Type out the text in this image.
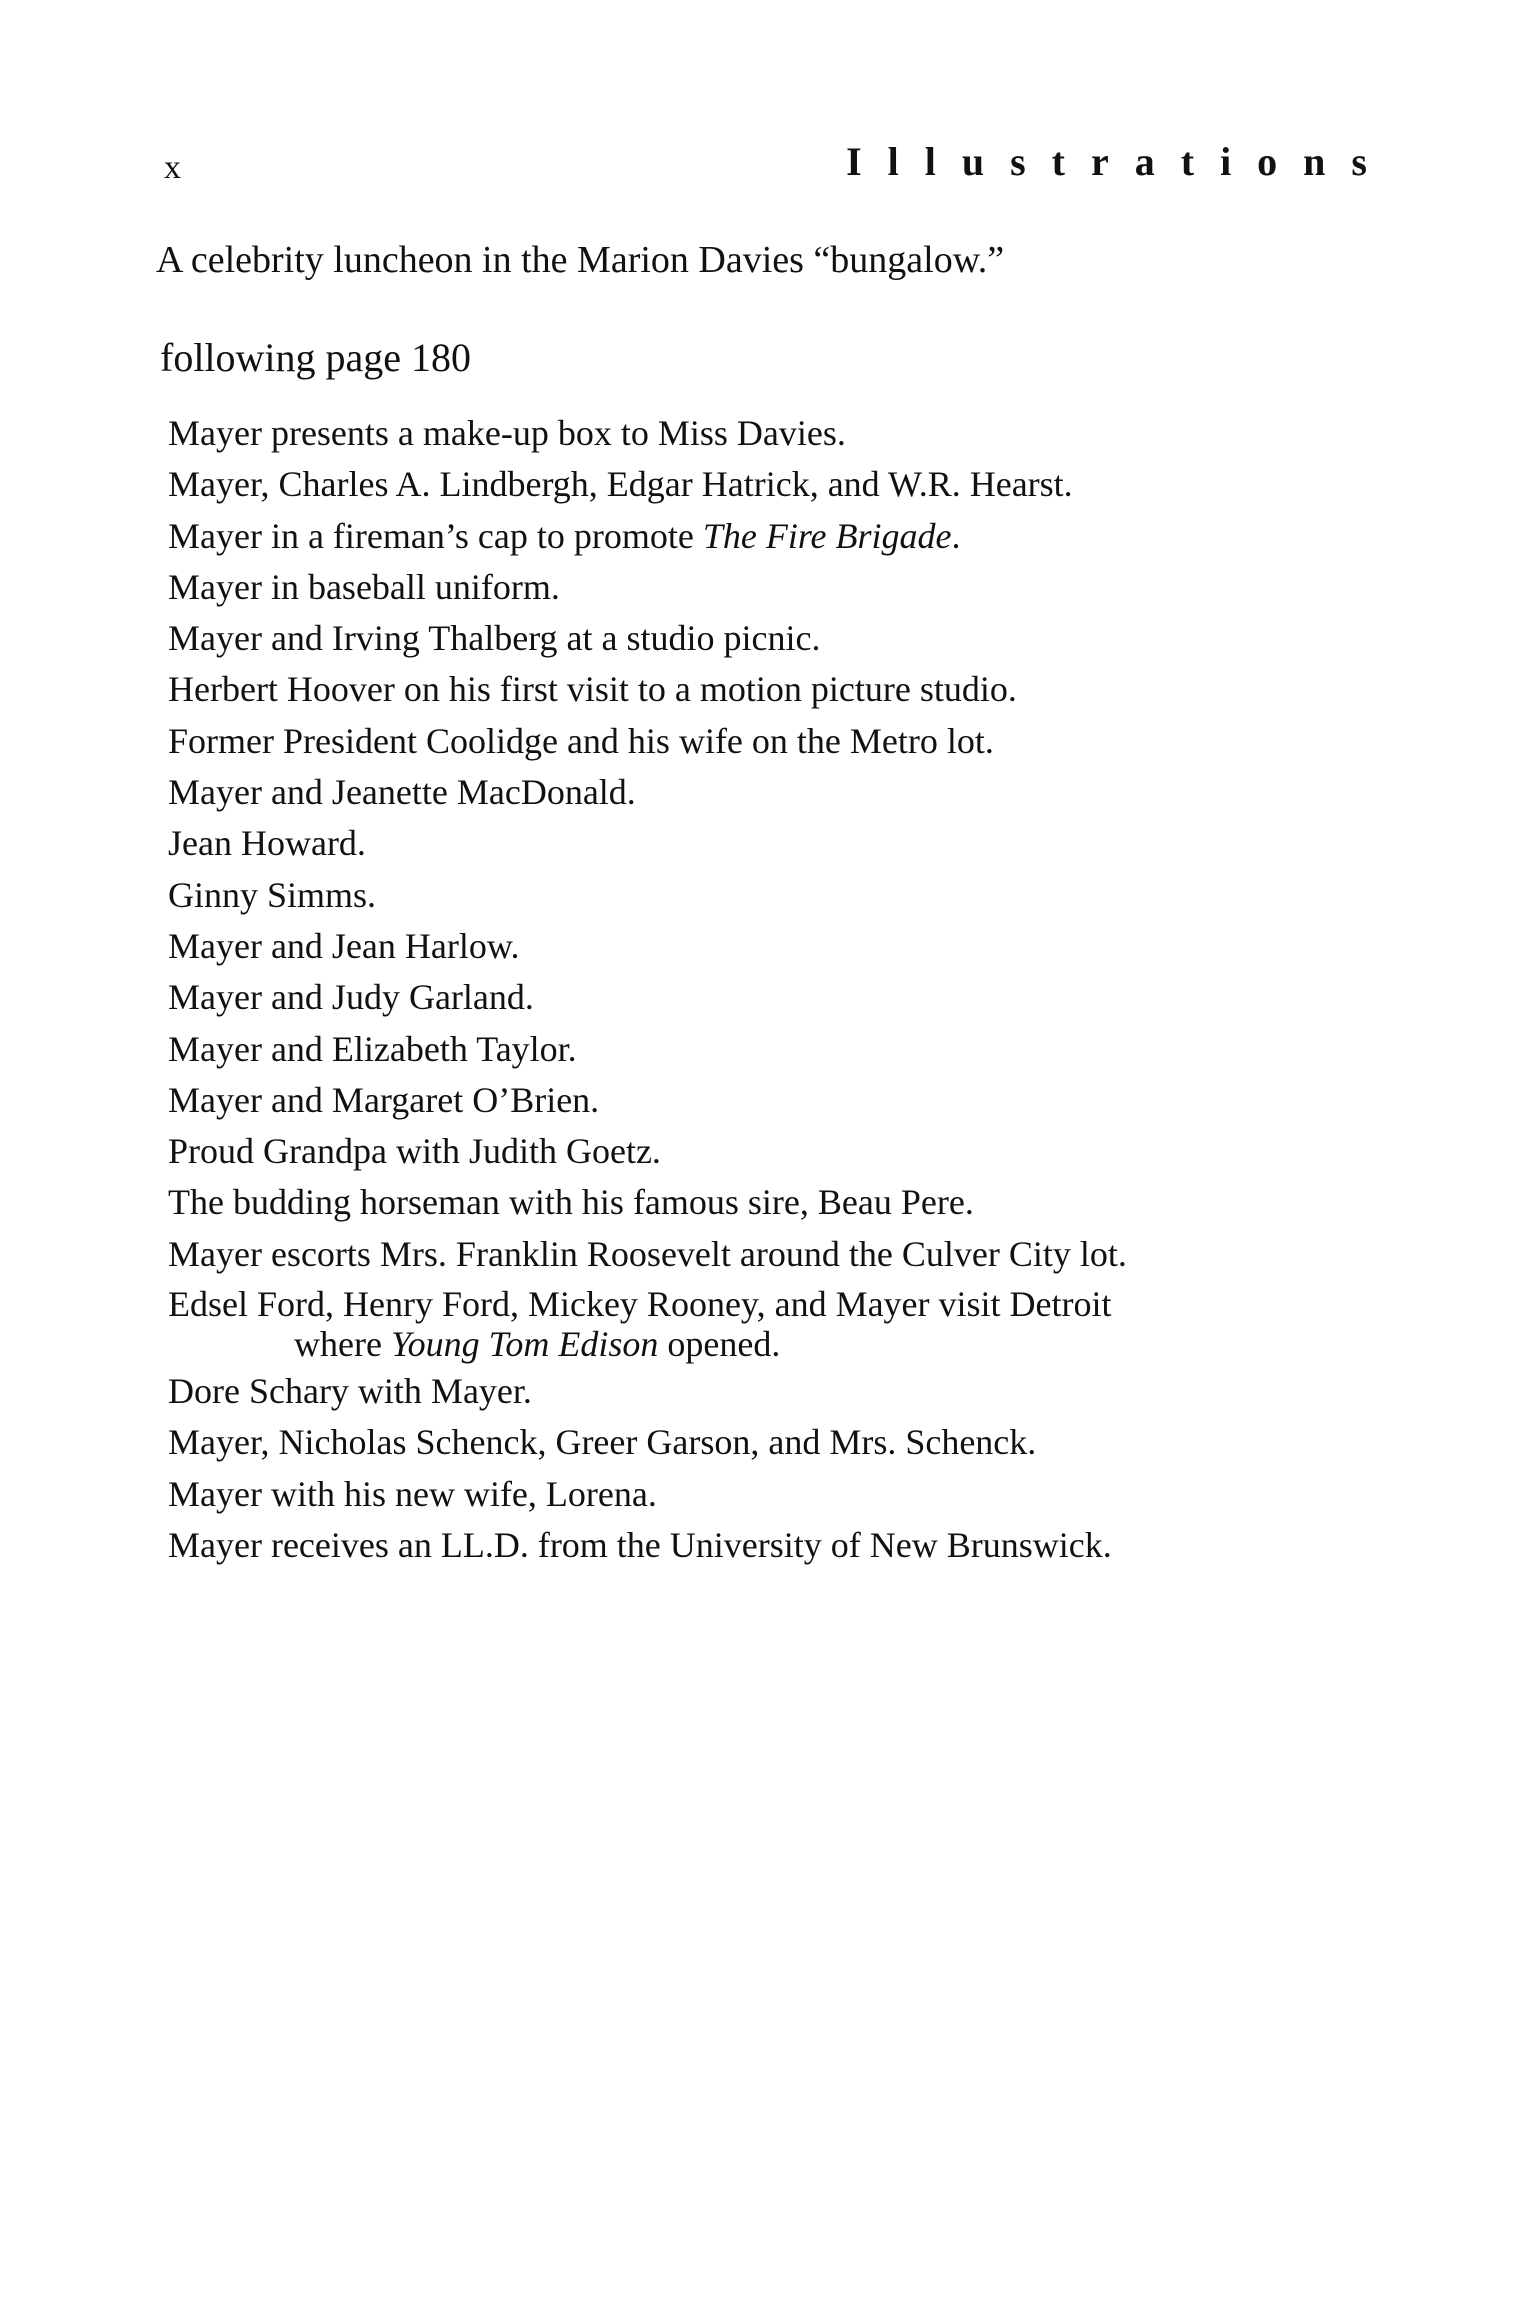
x	Illustrations
A celebrity luncheon in the Marion Davies “bungalow.”
following page 180
Mayer presents a make-up box to Miss Davies.
Mayer, Charles A. Lindbergh, Edgar Hatrick, and W.R. Hearst.
Mayer in a fireman’s cap to promote The Fire Brigade.
Mayer in baseball uniform.
Mayer and Irving Thalberg at a studio picnic.
Herbert Hoover on his first visit to a motion picture studio.
Former President Coolidge and his wife on the Metro lot.
Mayer and Jeanette MacDonald.
Jean Howard.
Ginny Simms.
Mayer and Jean Harlow.
Mayer and Judy Garland.
Mayer and Elizabeth Taylor.
Mayer and Margaret O’Brien.
Proud Grandpa with Judith Goetz.
The budding horseman with his famous sire, Beau Pere.
Mayer escorts Mrs. Franklin Roosevelt around the Culver City lot.
Edsel Ford, Henry Ford, Mickey Rooney, and Mayer visit Detroit
where Young Tom Edison opened.
Dore Schary with Mayer.
Mayer, Nicholas Schenck, Greer Garson, and Mrs. Schenck.
Mayer with his new wife, Lorena.
Mayer receives an LL.D. from the University of New Brunswick.
